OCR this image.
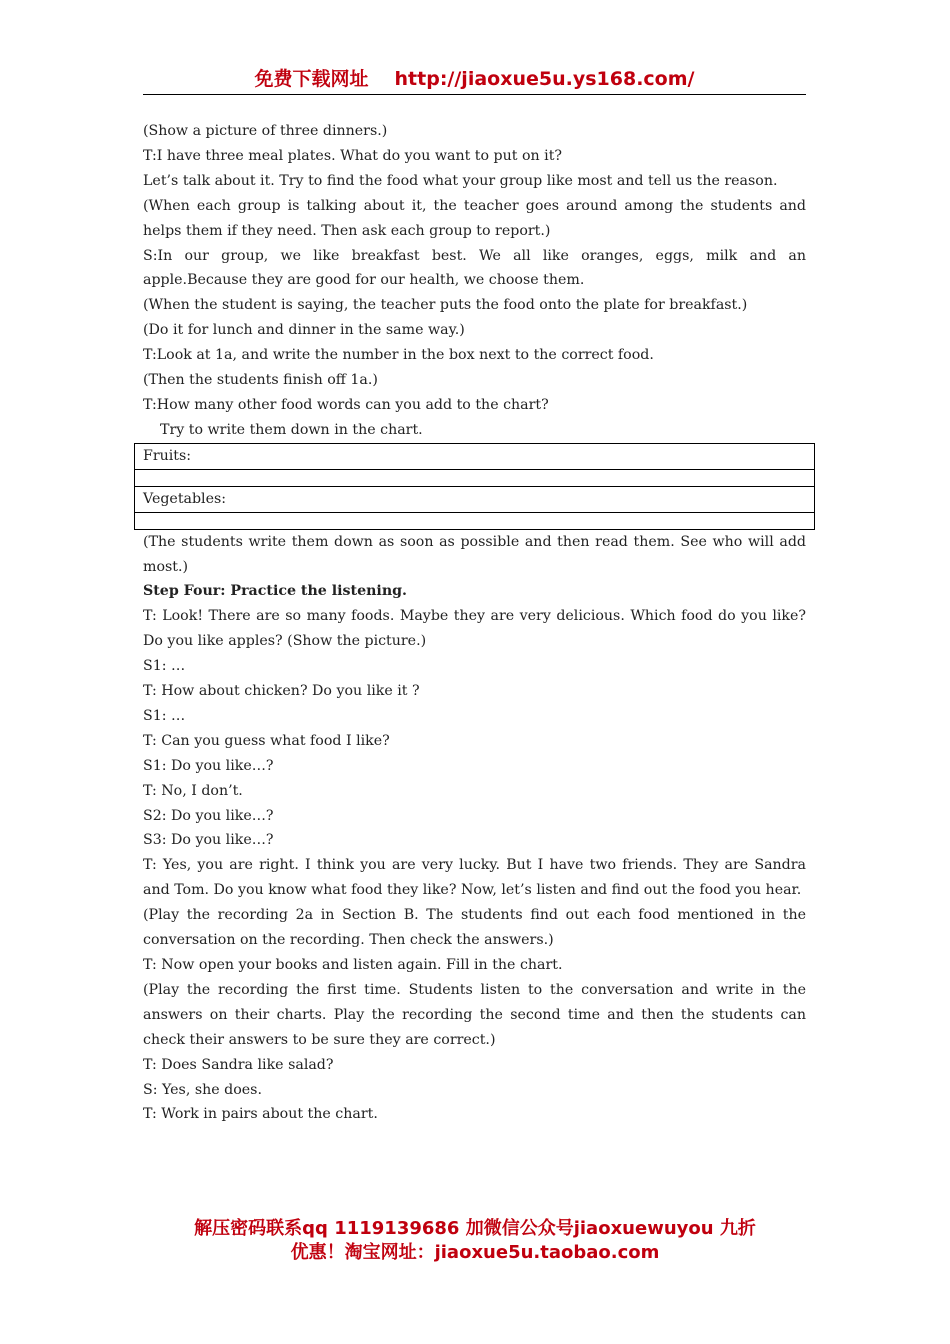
免费下载网址 http://jiaoxue5u.ys168.com/

(Show a picture of three dinners.)

T:I have three meal plates. What do you want to put on it?

Let’s talk about it. Try to find the food what your group like most and tell us the reason.

(When each group is talking about it, the teacher goes around among the students and helps them if they need. Then ask each group to report.)

S:In our group, we like breakfast best. We all like oranges, eggs, milk and an apple.Because they are good for our health, we choose them.

(When the student is saying, the teacher puts the food onto the plate for breakfast.)

(Do it for lunch and dinner in the same way.)

T:Look at 1a, and write the number in the box next to the correct food.

(Then the students finish off 1a.)

T:How many other food words can you add to the chart?

Try to write them down in the chart.

Fruits:

Vegetables:

(The students write them down as soon as possible and then read them. See who will add most.)

Step Four: Practice the listening.

T: Look! There are so many foods. Maybe they are very delicious. Which food do you like? Do you like apples? (Show the picture.)

S1: …

T: How about chicken? Do you like it ?

S1: …

T: Can you guess what food I like?

S1: Do you like…?

T: No, I don’t.

S2: Do you like…?

S3: Do you like…?

T: Yes, you are right. I think you are very lucky. But I have two friends. They are Sandra and Tom. Do you know what food they like? Now, let’s listen and find out the food you hear.

(Play the recording 2a in Section B. The students find out each food mentioned in the conversation on the recording. Then check the answers.)

T: Now open your books and listen again. Fill in the chart.

(Play the recording the first time. Students listen to the conversation and write in the answers on their charts. Play the recording the second time and then the students can check their answers to be sure they are correct.)

T: Does Sandra like salad?

S: Yes, she does.

T: Work in pairs about the chart.

解压密码联系qq 1119139686 加微信公众号jiaoxuewuyou 九折
优惠！淘宝网址：jiaoxue5u.taobao.com
